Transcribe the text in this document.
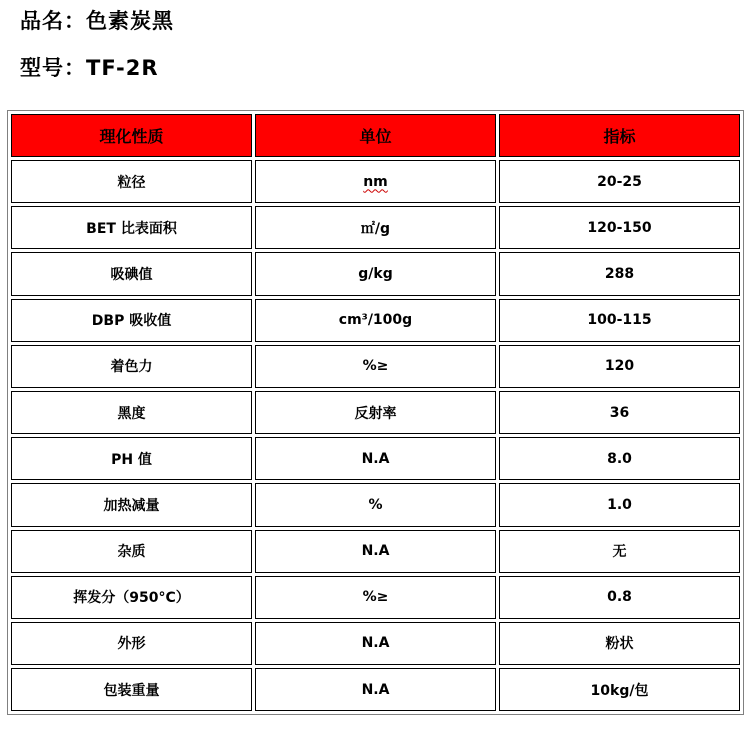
品名：色素炭黑
型号：TF-2R
理化性质	单位	指标
粒径	nm	20-25
BET 比表面积	㎡/g	120-150
吸碘值	g/kg	288
DBP 吸收值	cm³/100g	100-115
着色力	%≥	120
黑度	反射率	36
PH 值	N.A	8.0
加热减量	%	1.0
杂质	N.A	无
挥发分（950°C）	%≥	0.8
外形	N.A	粉状
包装重量	N.A	10kg/包
